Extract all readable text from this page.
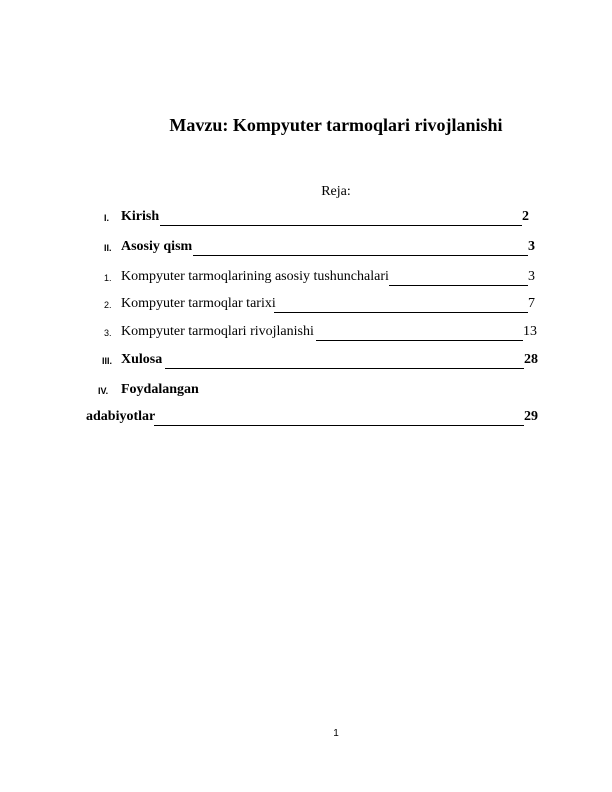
Mavzu: Kompyuter tarmoqlari rivojlanishi
Reja:
I. Kirish	2
II. Asosiy qism	3
1. Kompyuter tarmoqlarining asosiy tushunchalari	3
2. Kompyuter tarmoqlar tarixi	7
3. Kompyuter tarmoqlari rivojlanishi	13
III. Xulosa	28
IV. Foydalangan
adabiyotlar	29
1
